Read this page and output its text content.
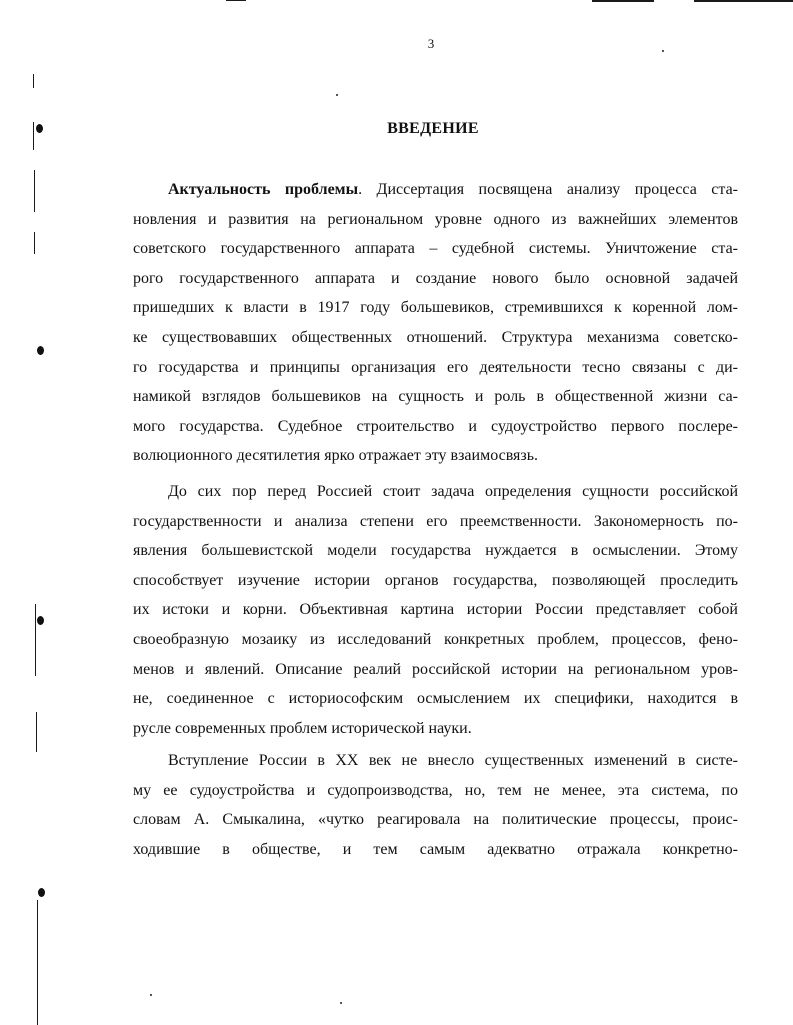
3
ВВЕДЕНИЕ
Актуальность проблемы. Диссертация посвящена анализу процесса ста-
новления и развития на региональном уровне одного из важнейших элементов
советского государственного аппарата – судебной системы. Уничтожение ста-
рого государственного аппарата и создание нового было основной задачей
пришедших к власти в 1917 году большевиков, стремившихся к коренной лом-
ке существовавших общественных отношений. Структура механизма советско-
го государства и принципы организация его деятельности тесно связаны с ди-
намикой взглядов большевиков на сущность и роль в общественной жизни са-
мого государства. Судебное строительство и судоустройство первого послере-
волюционного десятилетия ярко отражает эту взаимосвязь.
До сих пор перед Россией стоит задача определения сущности российской
государственности и анализа степени его преемственности. Закономерность по-
явления большевистской модели государства нуждается в осмыслении. Этому
способствует изучение истории органов государства, позволяющей проследить
их истоки и корни. Объективная картина истории России представляет собой
своеобразную мозаику из исследований конкретных проблем, процессов, фено-
менов и явлений. Описание реалий российской истории на региональном уров-
не, соединенное с историософским осмыслением их специфики, находится в
русле современных проблем исторической науки.
Вступление России в XX век не внесло существенных изменений в систе-
му ее судоустройства и судопроизводства, но, тем не менее, эта система, по
словам А. Смыкалина, «чутко реагировала на политические процессы, проис-
ходившие в обществе, и тем самым адекватно отражала конкретно-
